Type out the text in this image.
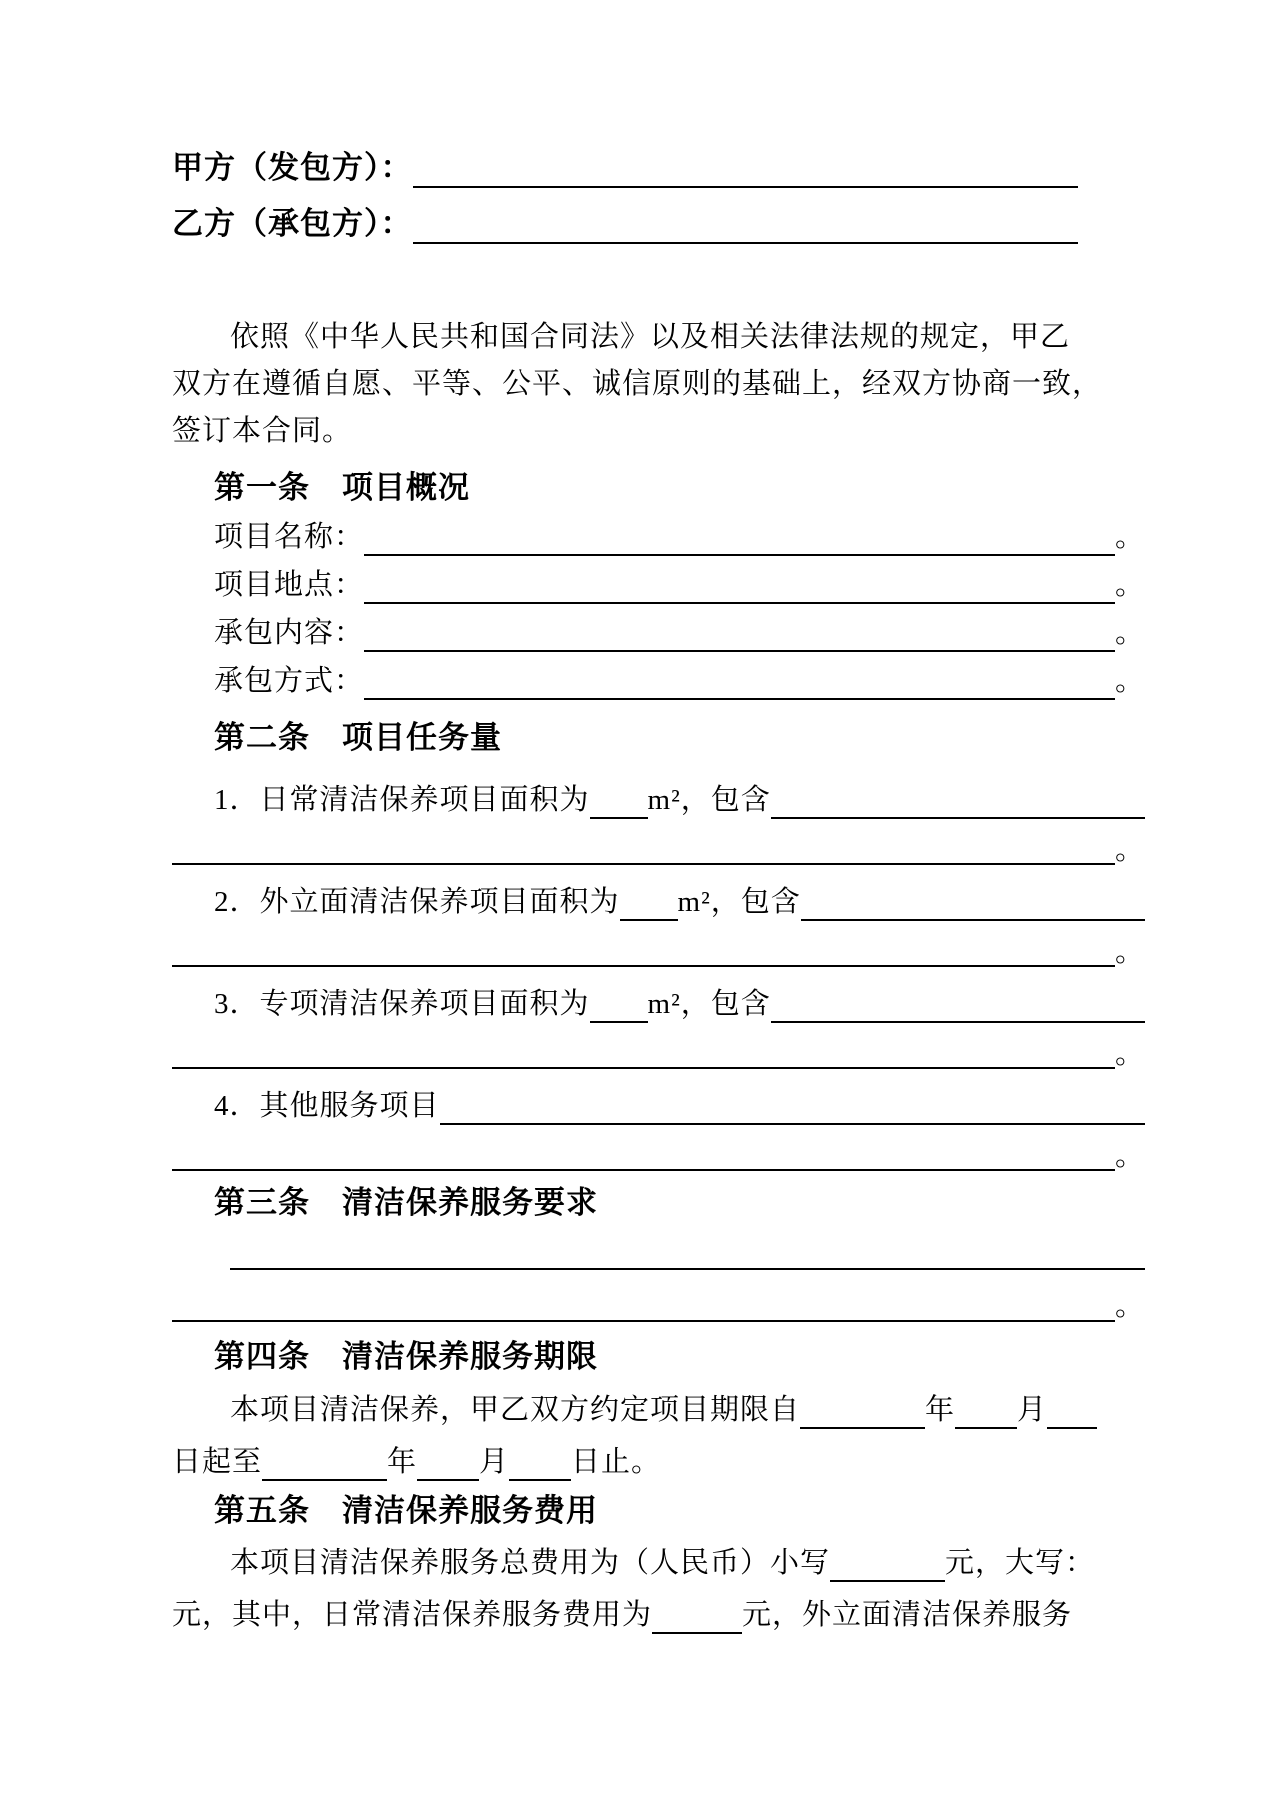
甲方（发包方）：
乙方（承包方）：
依照《中华人民共和国合同法》以及相关法律法规的规定，甲乙
双方在遵循自愿、平等、公平、诚信原则的基础上，经双方协商一致，
签订本合同。
第一条　项目概况
项目名称：	。
项目地点：	。
承包内容：	。
承包方式：	。
第二条　项目任务量
1．日常清洁保养项目面积为 m²，包含
。
2．外立面清洁保养项目面积为 m²，包含
。
3．专项清洁保养项目面积为 m²，包含
。
4．其他服务项目
。
第三条　清洁保养服务要求
。
第四条　清洁保养服务期限
本项目清洁保养，甲乙双方约定项目期限自	年 月
日起至	年 月 日止。
第五条　清洁保养服务费用
本项目清洁保养服务总费用为（人民币）小写	元，大写：
元，其中，日常清洁保养服务费用为	元，外立面清洁保养服务
